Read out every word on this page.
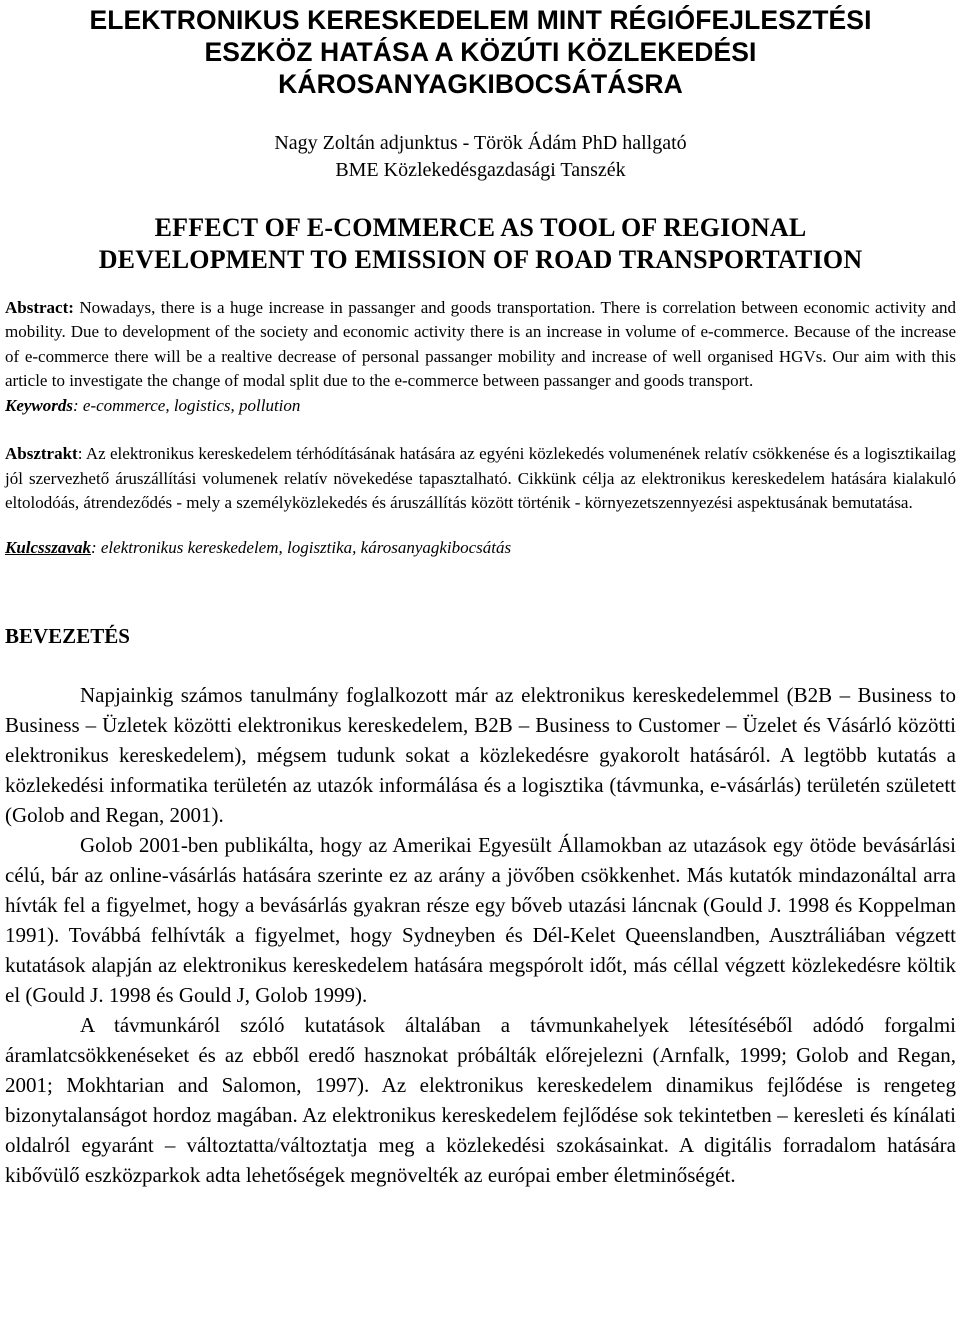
ELEKTRONIKUS KERESKEDELEM MINT RÉGIÓFEJLESZTÉSI
ESZKÖZ HATÁSA A KÖZÚTI KÖZLEKEDÉSI
KÁROSANYAGKIBOCSÁTÁSRA

Nagy Zoltán adjunktus - Török Ádám PhD hallgató
BME Közlekedésgazdasági Tanszék

EFFECT OF E-COMMERCE AS TOOL OF REGIONAL
DEVELOPMENT TO EMISSION OF ROAD TRANSPORTATION

Abstract: Nowadays, there is a huge increase in passanger and goods transportation. There is correlation between economic activity and mobility. Due to development of the society and economic activity there is an increase in volume of e-commerce. Because of the increase of e-commerce there will be a realtive decrease of personal passanger mobility and increase of well organised HGVs. Our aim with this article to investigate the change of modal split due to the e-commerce between passanger and goods transport.

Keywords: e-commerce, logistics, pollution

Absztrakt: Az elektronikus kereskedelem térhódításának hatására az egyéni közlekedés volumenének relatív csökkenése és a logisztikailag jól szervezhető áruszállítási volumenek relatív növekedése tapasztalható. Cikkünk célja az elektronikus kereskedelem hatására kialakuló eltolodóás, átrendeződés - mely a személyközlekedés és áruszállítás között történik - környezetszennyezési aspektusának bemutatása.

Kulcsszavak: elektronikus kereskedelem, logisztika, károsanyagkibocsátás

BEVEZETÉS

Napjainkig számos tanulmány foglalkozott már az elektronikus kereskedelemmel (B2B – Business to Business – Üzletek közötti elektronikus kereskedelem, B2B – Business to Customer – Üzelet és Vásárló közötti elektronikus kereskedelem), mégsem tudunk sokat a közlekedésre gyakorolt hatásáról. A legtöbb kutatás a közlekedési informatika területén az utazók informálása és a logisztika (távmunka, e-vásárlás) területén született (Golob and Regan, 2001).

Golob 2001-ben publikálta, hogy az Amerikai Egyesült Államokban az utazások egy ötöde bevásárlási célú, bár az online-vásárlás hatására szerinte ez az arány a jövőben csökkenhet. Más kutatók mindazonáltal arra hívták fel a figyelmet, hogy a bevásárlás gyakran része egy bőveb utazási láncnak (Gould J. 1998 és Koppelman 1991). Továbbá felhívták a figyelmet, hogy Sydneyben és Dél-Kelet Queenslandben, Ausztráliában végzett kutatások alapján az elektronikus kereskedelem hatására megspórolt időt, más céllal végzett közlekedésre költik el (Gould J. 1998 és Gould J, Golob 1999).

A távmunkáról szóló kutatások általában a távmunkahelyek létesítéséből adódó forgalmi áramlatcsökkenéseket és az ebből eredő hasznokat próbálták előrejelezni (Arnfalk, 1999; Golob and Regan, 2001; Mokhtarian and Salomon, 1997). Az elektronikus kereskedelem dinamikus fejlődése is rengeteg bizonytalanságot hordoz magában. Az elektronikus kereskedelem fejlődése sok tekintetben – keresleti és kínálati oldalról egyaránt – változtatta/változtatja meg a közlekedési szokásainkat. A digitális forradalom hatására kibővülő eszközparkok adta lehetőségek megnövelték az európai ember életminőségét.
